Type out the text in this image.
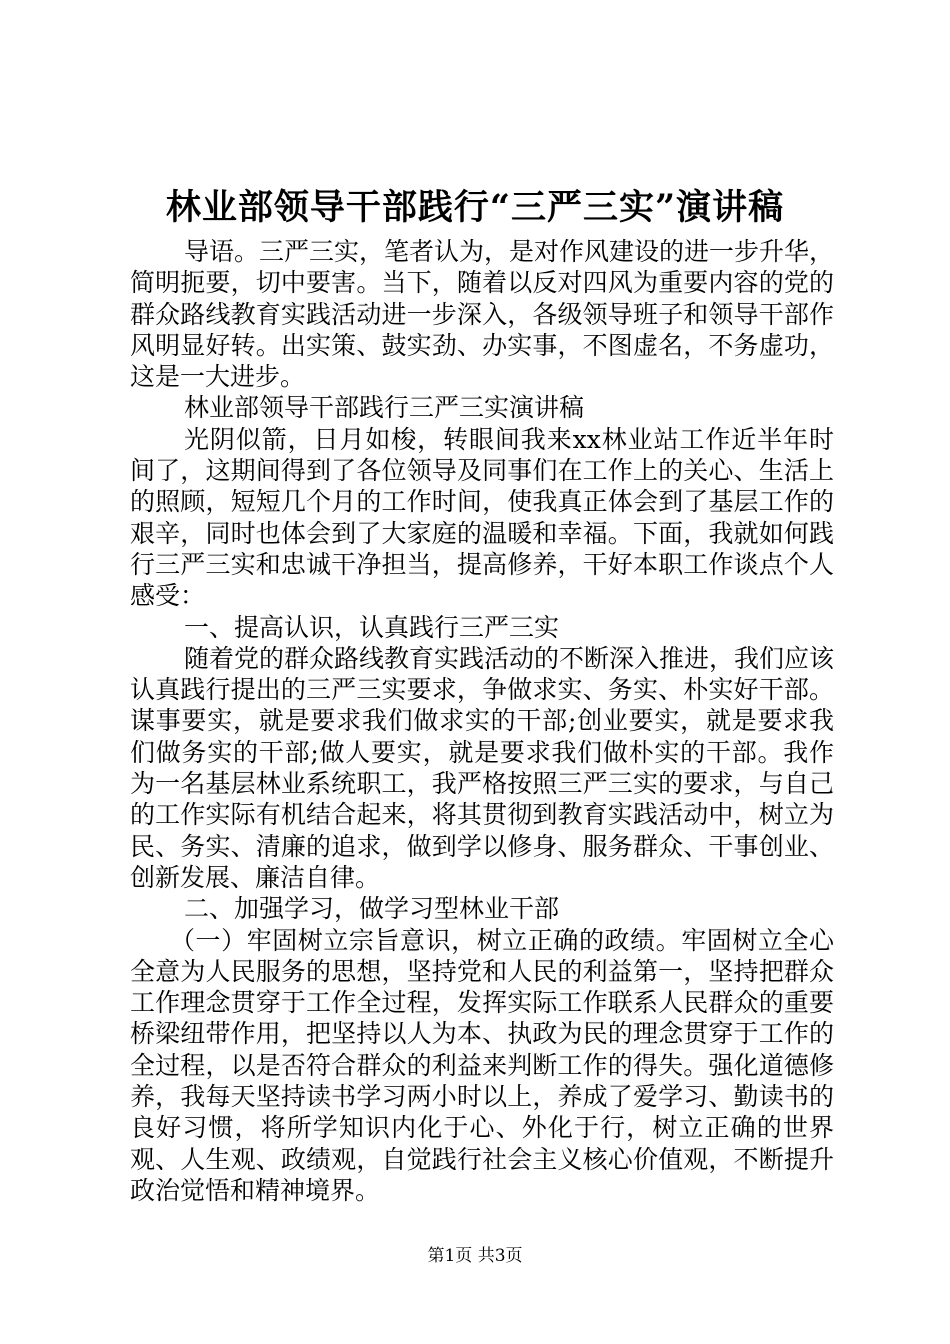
林业部领导干部践行“三严三实”演讲稿

导语。三严三实，笔者认为，是对作风建设的进一步升华，简明扼要，切中要害。当下，随着以反对四风为重要内容的党的群众路线教育实践活动进一步深入，各级领导班子和领导干部作风明显好转。出实策、鼓实劲、办实事，不图虚名，不务虚功，这是一大进步。

林业部领导干部践行三严三实演讲稿

光阴似箭，日月如梭，转眼间我来xx林业站工作近半年时间了，这期间得到了各位领导及同事们在工作上的关心、生活上的照顾，短短几个月的工作时间，使我真正体会到了基层工作的艰辛，同时也体会到了大家庭的温暖和幸福。下面，我就如何践行三严三实和忠诚干净担当，提高修养，干好本职工作谈点个人感受：

一、提高认识，认真践行三严三实

随着党的群众路线教育实践活动的不断深入推进，我们应该认真践行提出的三严三实要求，争做求实、务实、朴实好干部。谋事要实，就是要求我们做求实的干部;创业要实，就是要求我们做务实的干部;做人要实，就是要求我们做朴实的干部。我作为一名基层林业系统职工，我严格按照三严三实的要求，与自己的工作实际有机结合起来，将其贯彻到教育实践活动中，树立为民、务实、清廉的追求，做到学以修身、服务群众、干事创业、创新发展、廉洁自律。

二、加强学习，做学习型林业干部

（一）牢固树立宗旨意识，树立正确的政绩。牢固树立全心全意为人民服务的思想，坚持党和人民的利益第一，坚持把群众工作理念贯穿于工作全过程，发挥实际工作联系人民群众的重要桥梁纽带作用，把坚持以人为本、执政为民的理念贯穿于工作的全过程，以是否符合群众的利益来判断工作的得失。强化道德修养，我每天坚持读书学习两小时以上，养成了爱学习、勤读书的良好习惯，将所学知识内化于心、外化于行，树立正确的世界观、人生观、政绩观，自觉践行社会主义核心价值观，不断提升政治觉悟和精神境界。

第1页 共3页
